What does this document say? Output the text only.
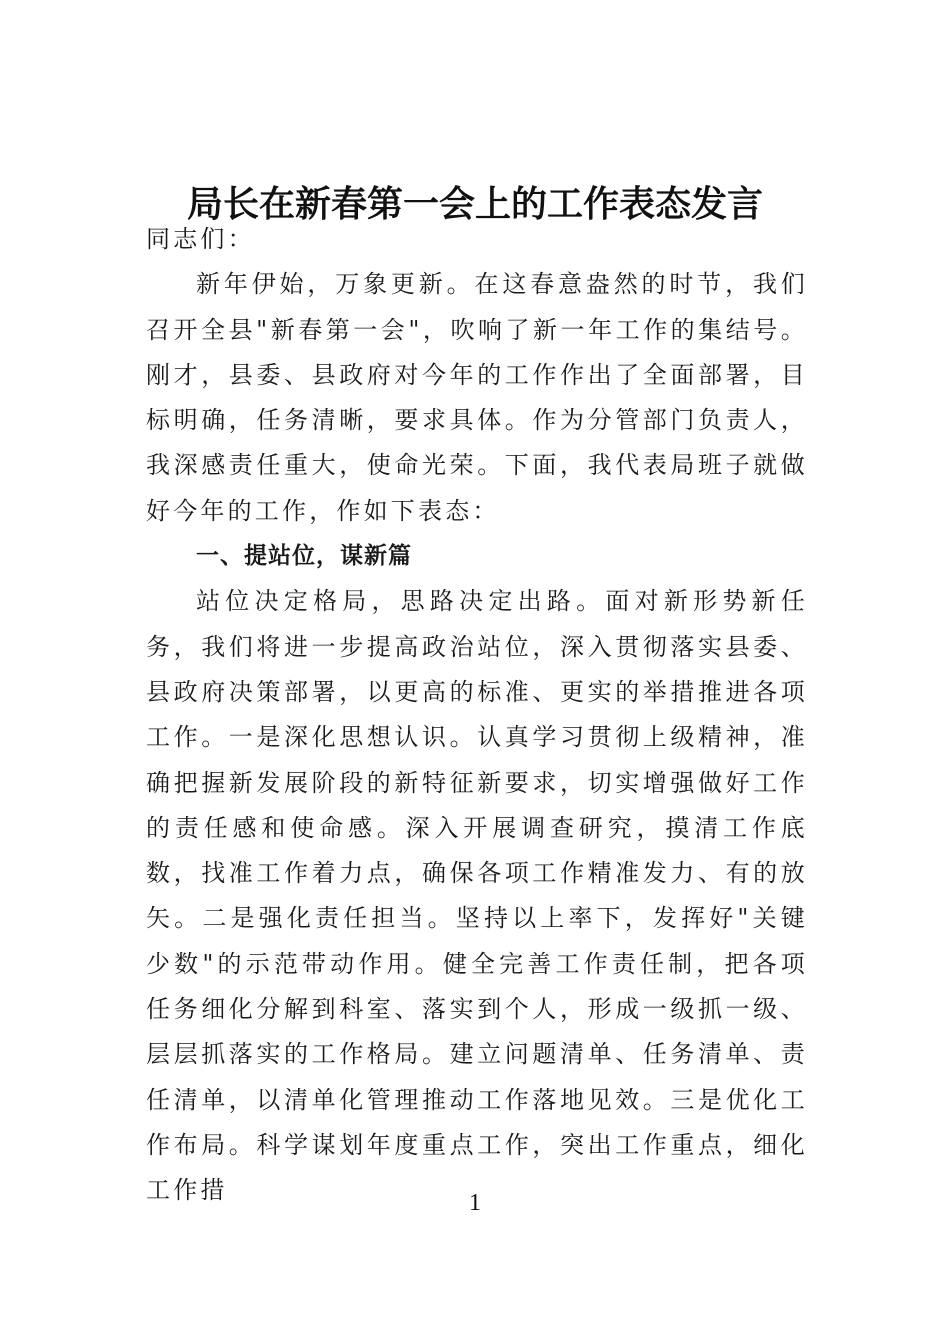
局长在新春第一会上的工作表态发言

同志们：

新年伊始，万象更新。在这春意盎然的时节，我们召开全县"新春第一会"，吹响了新一年工作的集结号。刚才，县委、县政府对今年的工作作出了全面部署，目标明确，任务清晰，要求具体。作为分管部门负责人，我深感责任重大，使命光荣。下面，我代表局班子就做好今年的工作，作如下表态：

一、提站位，谋新篇

站位决定格局，思路决定出路。面对新形势新任务，我们将进一步提高政治站位，深入贯彻落实县委、县政府决策部署，以更高的标准、更实的举措推进各项工作。一是深化思想认识。认真学习贯彻上级精神，准确把握新发展阶段的新特征新要求，切实增强做好工作的责任感和使命感。深入开展调查研究，摸清工作底数，找准工作着力点，确保各项工作精准发力、有的放矢。二是强化责任担当。坚持以上率下，发挥好"关键少数"的示范带动作用。健全完善工作责任制，把各项任务细化分解到科室、落实到个人，形成一级抓一级、层层抓落实的工作格局。建立问题清单、任务清单、责任清单，以清单化管理推动工作落地见效。三是优化工作布局。科学谋划年度重点工作，突出工作重点，细化工作措	1
